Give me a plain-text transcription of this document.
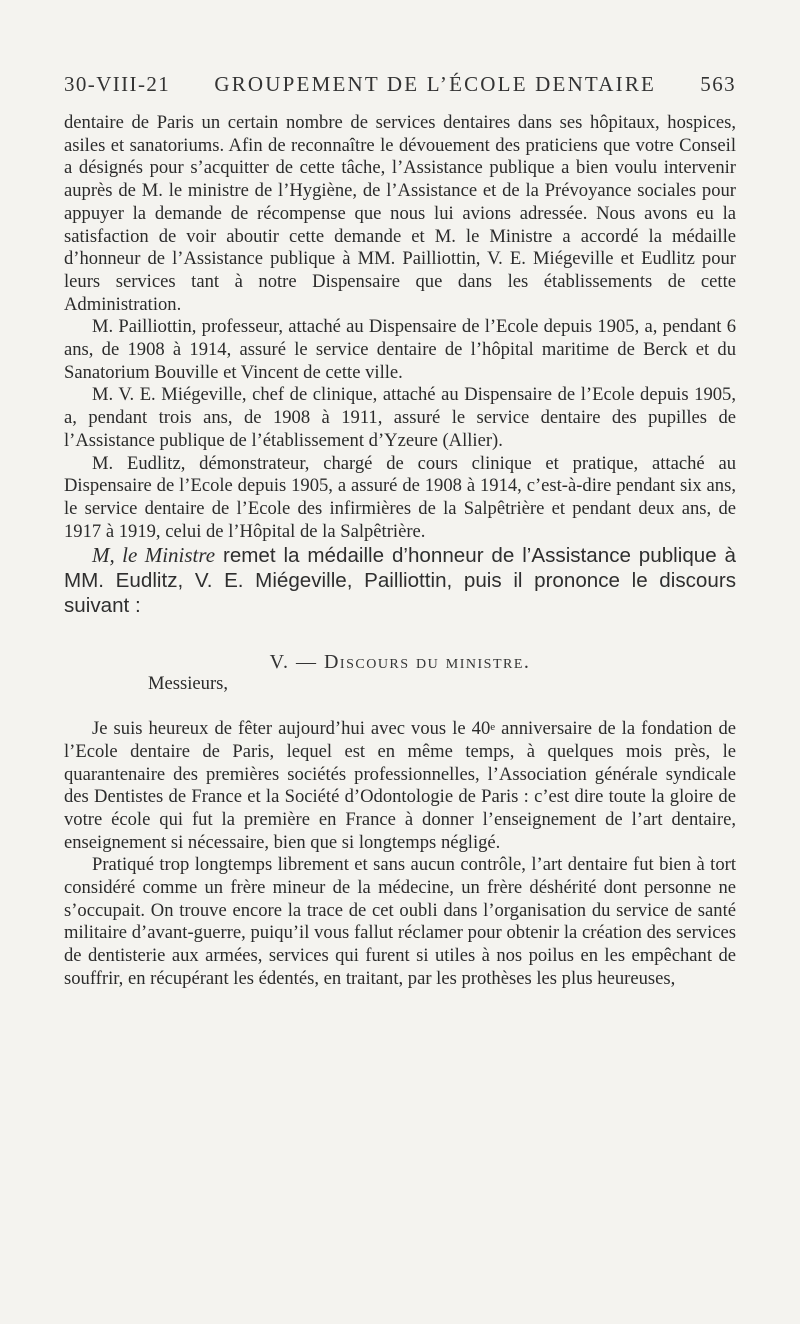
30-VIII-21 GROUPEMENT DE L’ÉCOLE DENTAIRE 563

dentaire de Paris un certain nombre de services dentaires dans ses hôpitaux, hospices, asiles et sanatoriums. Afin de reconnaître le dévouement des praticiens que votre Conseil a désignés pour s’acquitter de cette tâche, l’Assistance publique a bien voulu intervenir auprès de M. le ministre de l’Hygiène, de l’Assistance et de la Prévoyance sociales pour appuyer la demande de récompense que nous lui avions adressée. Nous avons eu la satisfaction de voir aboutir cette demande et M. le Ministre a accordé la médaille d’honneur de l’Assistance publique à MM. Pailliottin, V. E. Miégeville et Eudlitz pour leurs services tant à notre Dispensaire que dans les établissements de cette Administration.

M. Pailliottin, professeur, attaché au Dispensaire de l’Ecole depuis 1905, a, pendant 6 ans, de 1908 à 1914, assuré le service dentaire de l’hôpital maritime de Berck et du Sanatorium Bouville et Vincent de cette ville.

M. V. E. Miégeville, chef de clinique, attaché au Dispensaire de l’Ecole depuis 1905, a, pendant trois ans, de 1908 à 1911, assuré le service dentaire des pupilles de l’Assistance publique de l’établissement d’Yzeure (Allier).

M. Eudlitz, démonstrateur, chargé de cours clinique et pratique, attaché au Dispensaire de l’Ecole depuis 1905, a assuré de 1908 à 1914, c’est-à-dire pendant six ans, le service dentaire de l’Ecole des infirmières de la Salpêtrière et pendant deux ans, de 1917 à 1919, celui de l’Hôpital de la Salpêtrière.

M, le Ministre remet la médaille d’honneur de l’Assistance publique à MM. Eudlitz, V. E. Miégeville, Pailliottin, puis il prononce le discours suivant :

V. — Discours du ministre.

Messieurs,

Je suis heureux de fêter aujourd’hui avec vous le 40e anniversaire de la fondation de l’Ecole dentaire de Paris, lequel est en même temps, à quelques mois près, le quarantenaire des premières sociétés professionnelles, l’Association générale syndicale des Dentistes de France et la Société d’Odontologie de Paris : c’est dire toute la gloire de votre école qui fut la première en France à donner l’enseignement de l’art dentaire, enseignement si nécessaire, bien que si longtemps négligé.

Pratiqué trop longtemps librement et sans aucun contrôle, l’art dentaire fut bien à tort considéré comme un frère mineur de la médecine, un frère déshérité dont personne ne s’occupait. On trouve encore la trace de cet oubli dans l’organisation du service de santé militaire d’avant-guerre, puiqu’il vous fallut réclamer pour obtenir la création des services de dentisterie aux armées, services qui furent si utiles à nos poilus en les empêchant de souffrir, en récupérant les édentés, en traitant, par les prothèses les plus heureuses,
